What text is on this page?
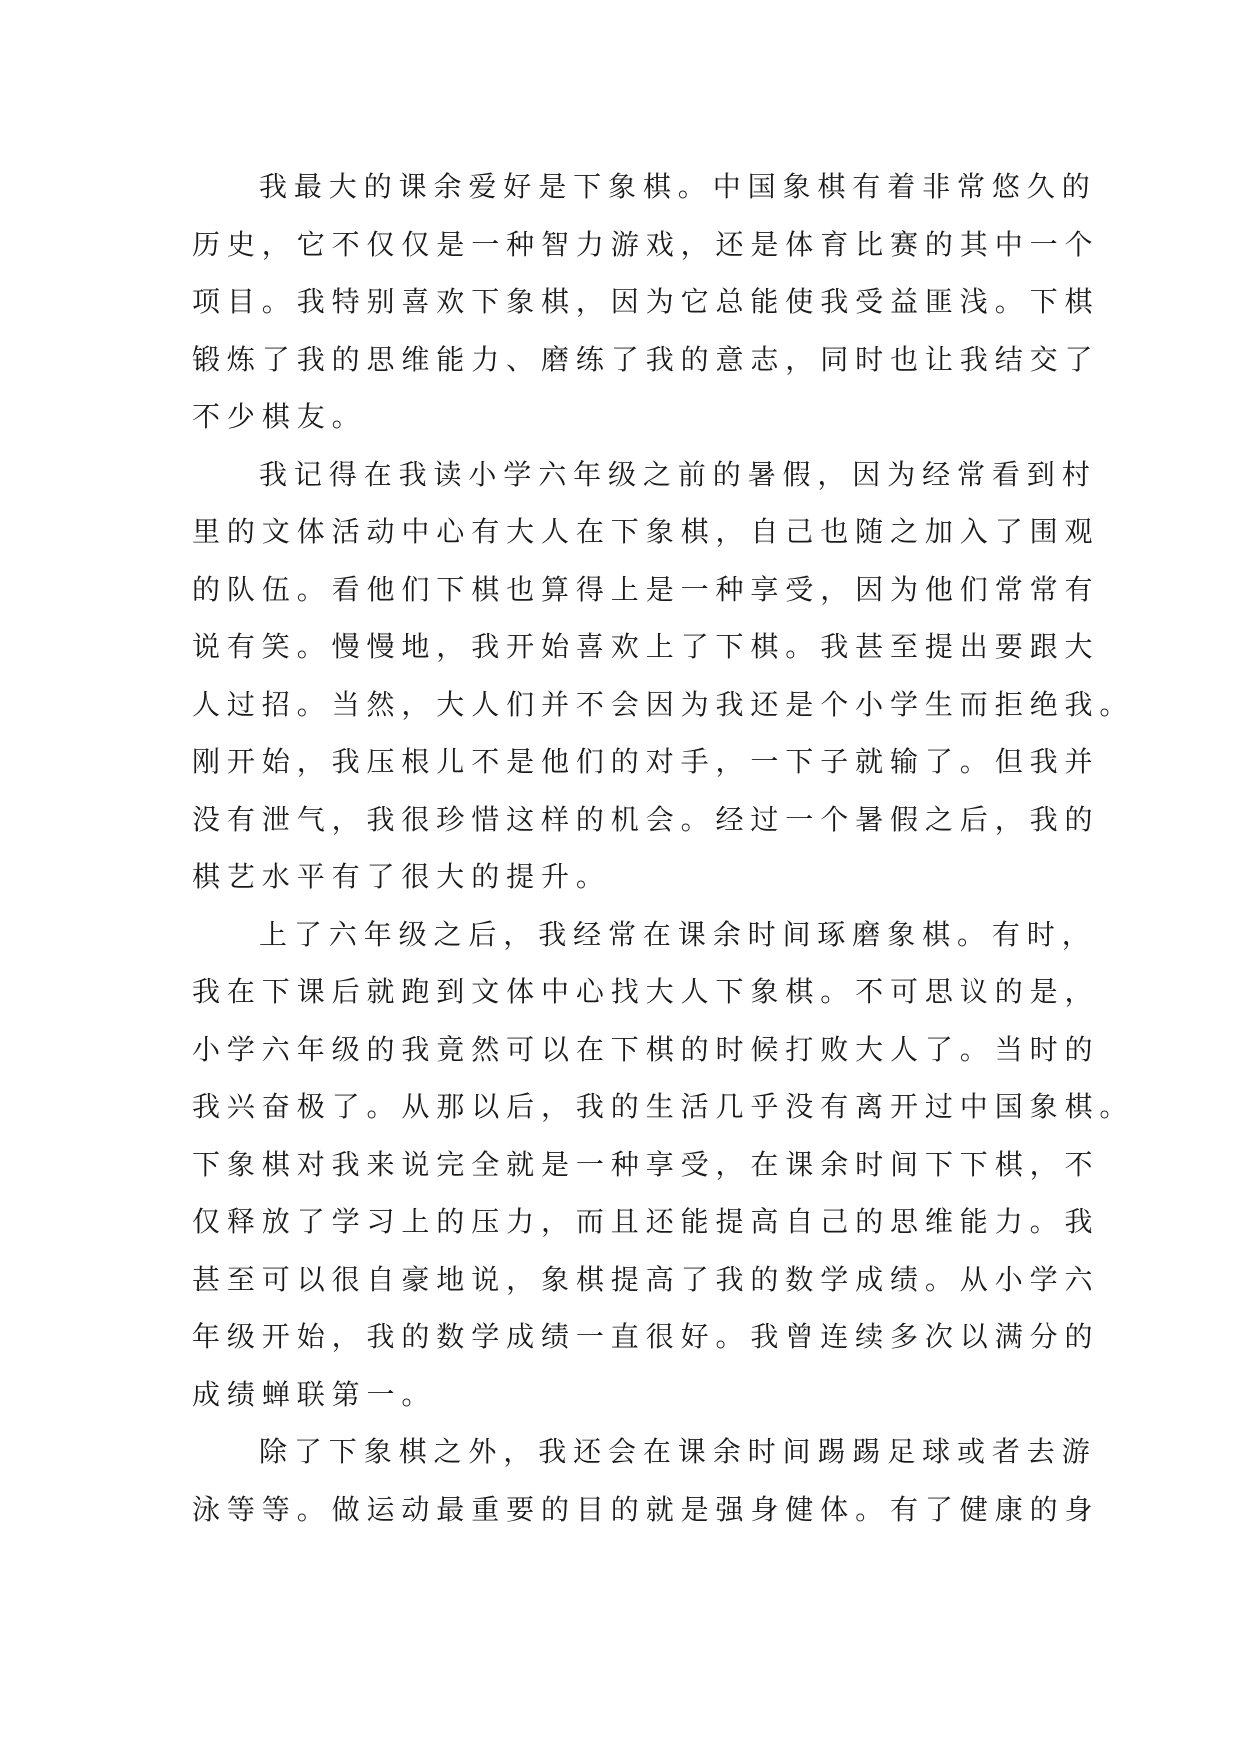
我最大的课余爱好是下象棋。中国象棋有着非常悠久的
历史，它不仅仅是一种智力游戏，还是体育比赛的其中一个
项目。我特别喜欢下象棋，因为它总能使我受益匪浅。下棋
锻炼了我的思维能力、磨练了我的意志，同时也让我结交了
不少棋友。
我记得在我读小学六年级之前的暑假，因为经常看到村
里的文体活动中心有大人在下象棋，自己也随之加入了围观
的队伍。看他们下棋也算得上是一种享受，因为他们常常有
说有笑。慢慢地，我开始喜欢上了下棋。我甚至提出要跟大
人过招。当然，大人们并不会因为我还是个小学生而拒绝我。
刚开始，我压根儿不是他们的对手，一下子就输了。但我并
没有泄气，我很珍惜这样的机会。经过一个暑假之后，我的
棋艺水平有了很大的提升。
上了六年级之后，我经常在课余时间琢磨象棋。有时，
我在下课后就跑到文体中心找大人下象棋。不可思议的是，
小学六年级的我竟然可以在下棋的时候打败大人了。当时的
我兴奋极了。从那以后，我的生活几乎没有离开过中国象棋。
下象棋对我来说完全就是一种享受，在课余时间下下棋，不
仅释放了学习上的压力，而且还能提高自己的思维能力。我
甚至可以很自豪地说，象棋提高了我的数学成绩。从小学六
年级开始，我的数学成绩一直很好。我曾连续多次以满分的
成绩蝉联第一。
除了下象棋之外，我还会在课余时间踢踢足球或者去游
泳等等。做运动最重要的目的就是强身健体。有了健康的身
